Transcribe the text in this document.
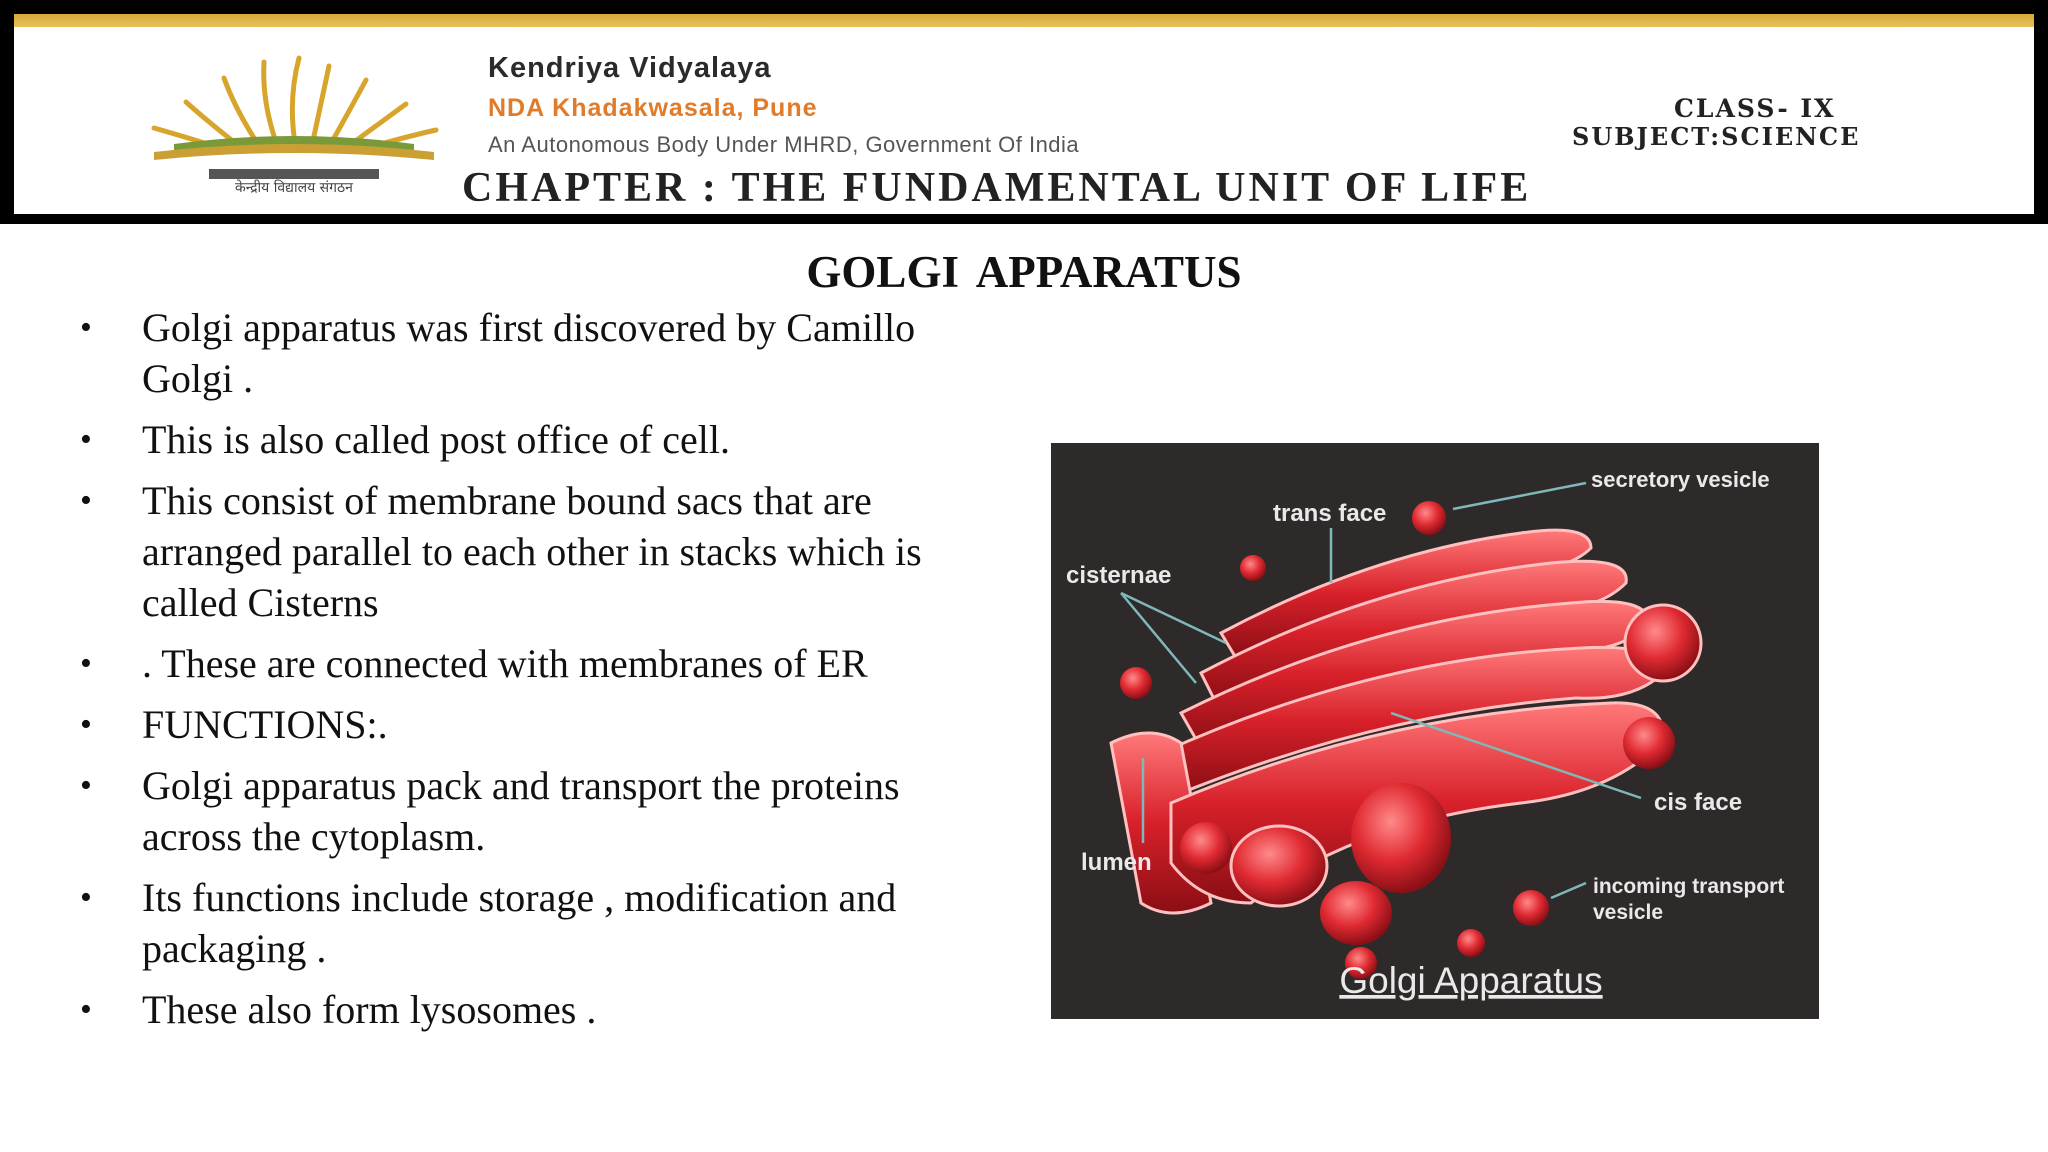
केन्द्रीय विद्यालय संगठन

Kendriya Vidyalaya

NDA Khadakwasala, Pune

An Autonomous Body Under MHRD, Government Of India

CLASS- IX

SUBJECT:SCIENCE

CHAPTER : THE FUNDAMENTAL UNIT OF LIFE

GOLGI APPARATUS
• Golgi apparatus was first discovered by Camillo Golgi .
• This is also called post office of cell.
• This consist of membrane bound sacs that are arranged parallel to each other in stacks which is called Cisterns
• . These are connected with membranes of ER
• FUNCTIONS:.
• Golgi apparatus pack and transport the proteins across the cytoplasm.
• Its functions include storage , modification and packaging .
• These also form lysosomes .
secretory vesicle
trans face
cisternae
cis face
lumen
incoming transport
vesicle
Golgi Apparatus
